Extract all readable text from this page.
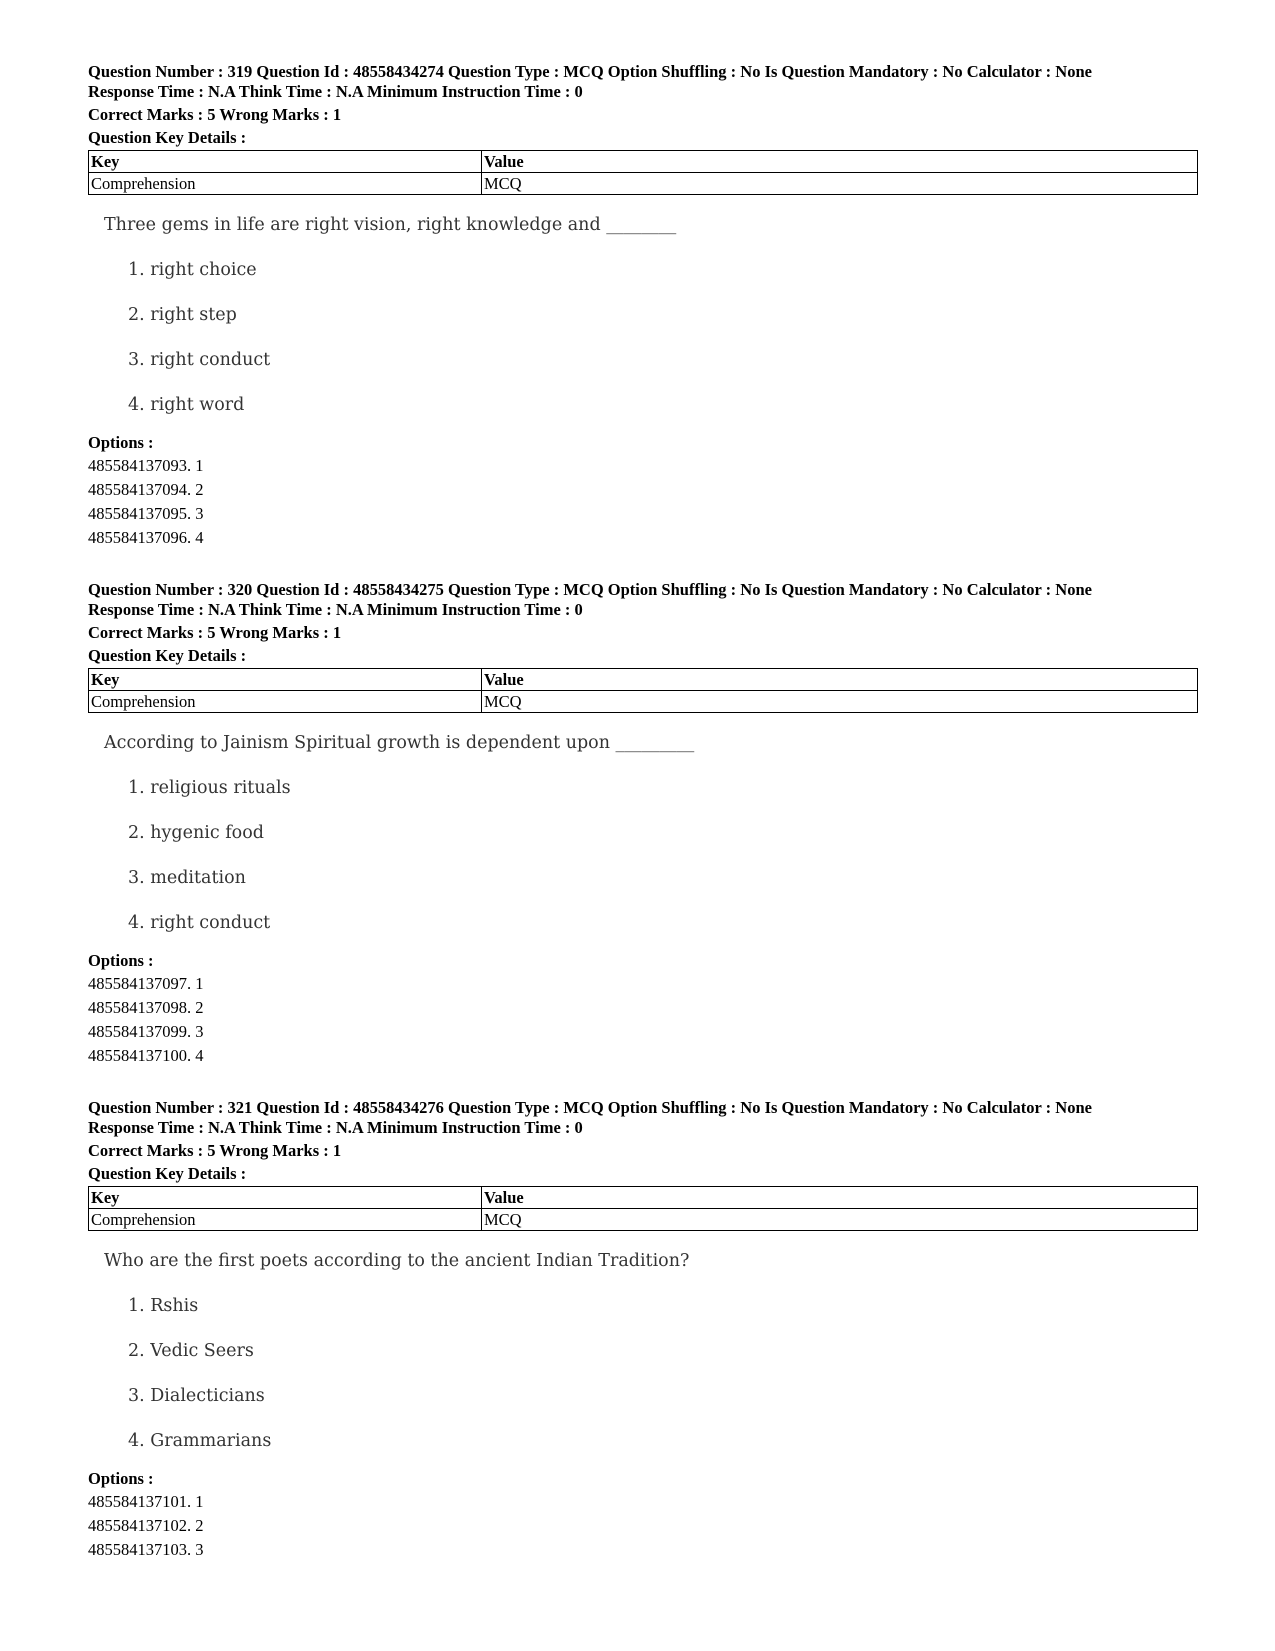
Question Number : 319 Question Id : 48558434274 Question Type : MCQ Option Shuffling : No Is Question Mandatory : No Calculator : None
Response Time : N.A Think Time : N.A Minimum Instruction Time : 0
Correct Marks : 5 Wrong Marks : 1
Question Key Details :
Key	Value
Comprehension	MCQ
Three gems in life are right vision, right knowledge and ________
1. right choice
2. right step
3. right conduct
4. right word
Options :
485584137093. 1
485584137094. 2
485584137095. 3
485584137096. 4
Question Number : 320 Question Id : 48558434275 Question Type : MCQ Option Shuffling : No Is Question Mandatory : No Calculator : None
Response Time : N.A Think Time : N.A Minimum Instruction Time : 0
Correct Marks : 5 Wrong Marks : 1
Question Key Details :
Key	Value
Comprehension	MCQ
According to Jainism Spiritual growth is dependent upon _________
1. religious rituals
2. hygenic food
3. meditation
4. right conduct
Options :
485584137097. 1
485584137098. 2
485584137099. 3
485584137100. 4
Question Number : 321 Question Id : 48558434276 Question Type : MCQ Option Shuffling : No Is Question Mandatory : No Calculator : None
Response Time : N.A Think Time : N.A Minimum Instruction Time : 0
Correct Marks : 5 Wrong Marks : 1
Question Key Details :
Key	Value
Comprehension	MCQ
Who are the first poets according to the ancient Indian Tradition?
1. Rshis
2. Vedic Seers
3. Dialecticians
4. Grammarians
Options :
485584137101. 1
485584137102. 2
485584137103. 3
